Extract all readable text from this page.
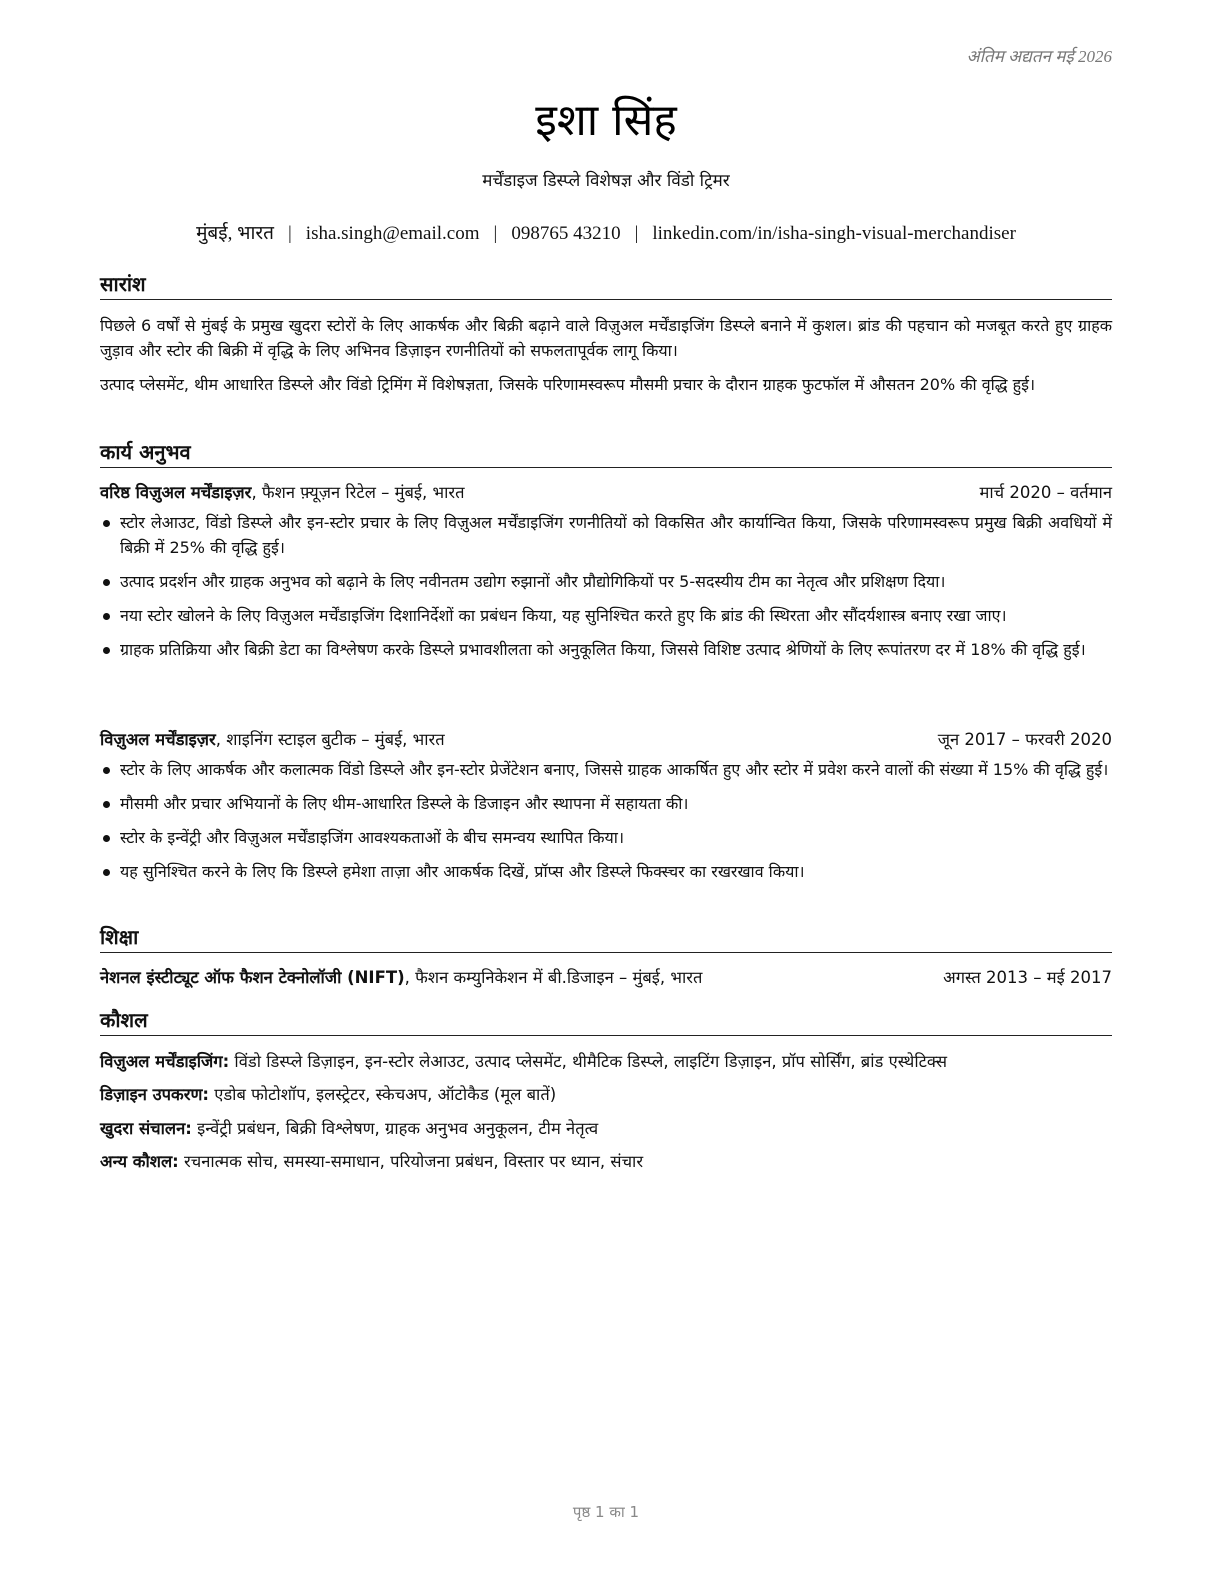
अंतिम अद्यतन मई 2026
इशा सिंह
मर्चेंडाइज डिस्प्ले विशेषज्ञ और विंडो ट्रिमर
मुंबई, भारत | isha.singh@email.com | 098765 43210 | linkedin.com/in/isha-singh-visual-merchandiser
सारांश
पिछले 6 वर्षों से मुंबई के प्रमुख खुदरा स्टोरों के लिए आकर्षक और बिक्री बढ़ाने वाले विज़ुअल मर्चेंडाइजिंग डिस्प्ले बनाने में कुशल। ब्रांड की पहचान को मजबूत करते हुए ग्राहक जुड़ाव और स्टोर की बिक्री में वृद्धि के लिए अभिनव डिज़ाइन रणनीतियों को सफलतापूर्वक लागू किया।
उत्पाद प्लेसमेंट, थीम आधारित डिस्प्ले और विंडो ट्रिमिंग में विशेषज्ञता, जिसके परिणामस्वरूप मौसमी प्रचार के दौरान ग्राहक फुटफॉल में औसतन 20% की वृद्धि हुई।
कार्य अनुभव
वरिष्ठ विज़ुअल मर्चेंडाइज़र, फैशन फ़्यूज़न रिटेल – मुंबई, भारत	मार्च 2020 – वर्तमान
स्टोर लेआउट, विंडो डिस्प्ले और इन-स्टोर प्रचार के लिए विज़ुअल मर्चेंडाइजिंग रणनीतियों को विकसित और कार्यान्वित किया, जिसके परिणामस्वरूप प्रमुख बिक्री अवधियों में बिक्री में 25% की वृद्धि हुई।
उत्पाद प्रदर्शन और ग्राहक अनुभव को बढ़ाने के लिए नवीनतम उद्योग रुझानों और प्रौद्योगिकियों पर 5-सदस्यीय टीम का नेतृत्व और प्रशिक्षण दिया।
नया स्टोर खोलने के लिए विज़ुअल मर्चेंडाइजिंग दिशानिर्देशों का प्रबंधन किया, यह सुनिश्चित करते हुए कि ब्रांड की स्थिरता और सौंदर्यशास्त्र बनाए रखा जाए।
ग्राहक प्रतिक्रिया और बिक्री डेटा का विश्लेषण करके डिस्प्ले प्रभावशीलता को अनुकूलित किया, जिससे विशिष्ट उत्पाद श्रेणियों के लिए रूपांतरण दर में 18% की वृद्धि हुई।
विज़ुअल मर्चेंडाइज़र, शाइनिंग स्टाइल बुटीक – मुंबई, भारत	जून 2017 – फरवरी 2020
स्टोर के लिए आकर्षक और कलात्मक विंडो डिस्प्ले और इन-स्टोर प्रेजेंटेशन बनाए, जिससे ग्राहक आकर्षित हुए और स्टोर में प्रवेश करने वालों की संख्या में 15% की वृद्धि हुई।
मौसमी और प्रचार अभियानों के लिए थीम-आधारित डिस्प्ले के डिजाइन और स्थापना में सहायता की।
स्टोर के इन्वेंट्री और विज़ुअल मर्चेंडाइजिंग आवश्यकताओं के बीच समन्वय स्थापित किया।
यह सुनिश्चित करने के लिए कि डिस्प्ले हमेशा ताज़ा और आकर्षक दिखें, प्रॉप्स और डिस्प्ले फिक्स्चर का रखरखाव किया।
शिक्षा
नेशनल इंस्टीट्यूट ऑफ फैशन टेक्नोलॉजी (NIFT), फैशन कम्युनिकेशन में बी.डिजाइन – मुंबई, भारत	अगस्त 2013 – मई 2017
कौशल
विज़ुअल मर्चेंडाइजिंग: विंडो डिस्प्ले डिज़ाइन, इन-स्टोर लेआउट, उत्पाद प्लेसमेंट, थीमैटिक डिस्प्ले, लाइटिंग डिज़ाइन, प्रॉप सोर्सिंग, ब्रांड एस्थेटिक्स
डिज़ाइन उपकरण: एडोब फोटोशॉप, इलस्ट्रेटर, स्केचअप, ऑटोकैड (मूल बातें)
खुदरा संचालन: इन्वेंट्री प्रबंधन, बिक्री विश्लेषण, ग्राहक अनुभव अनुकूलन, टीम नेतृत्व
अन्य कौशल: रचनात्मक सोच, समस्या-समाधान, परियोजना प्रबंधन, विस्तार पर ध्यान, संचार
पृष्ठ 1 का 1
